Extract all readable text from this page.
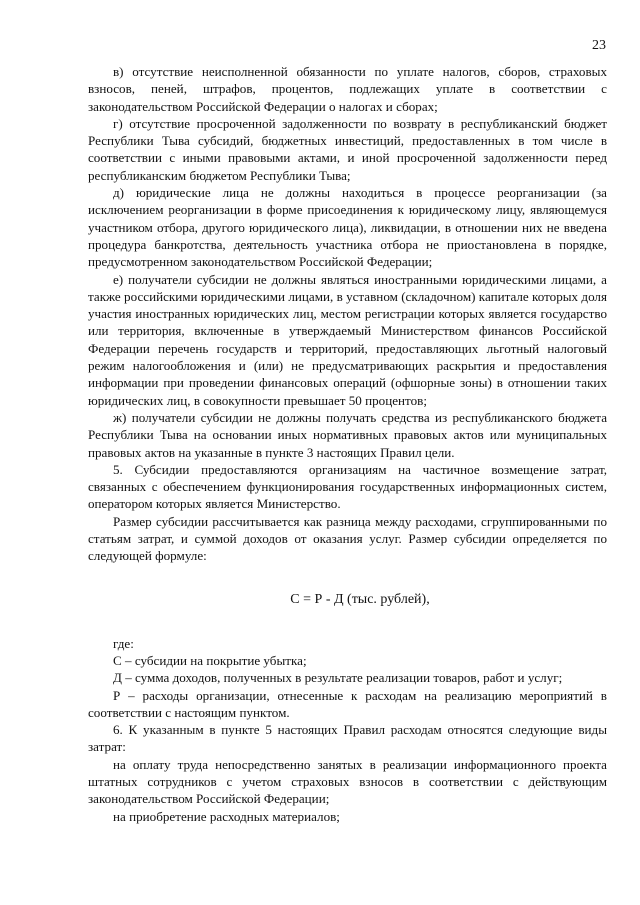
23

в) отсутствие неисполненной обязанности по уплате налогов, сборов, страховых взносов, пеней, штрафов, процентов, подлежащих уплате в соответствии с законодательством Российской Федерации о налогах и сборах;

г) отсутствие просроченной задолженности по возврату в республиканский бюджет Республики Тыва субсидий, бюджетных инвестиций, предоставленных в том числе в соответствии с иными правовыми актами, и иной просроченной задолженности перед республиканским бюджетом Республики Тыва;

д) юридические лица не должны находиться в процессе реорганизации (за исключением реорганизации в форме присоединения к юридическому лицу, являющемуся участником отбора, другого юридического лица), ликвидации, в отношении них не введена процедура банкротства, деятельность участника отбора не приостановлена в порядке, предусмотренном законодательством Российской Федерации;

е) получатели субсидии не должны являться иностранными юридическими лицами, а также российскими юридическими лицами, в уставном (складочном) капитале которых доля участия иностранных юридических лиц, местом регистрации которых является государство или территория, включенные в утверждаемый Министерством финансов Российской Федерации перечень государств и территорий, предоставляющих льготный налоговый режим налогообложения и (или) не предусматривающих раскрытия и предоставления информации при проведении финансовых операций (офшорные зоны) в отношении таких юридических лиц, в совокупности превышает 50 процентов;

ж) получатели субсидии не должны получать средства из республиканского бюджета Республики Тыва на основании иных нормативных правовых актов или муниципальных правовых актов на указанные в пункте 3 настоящих Правил цели.

5. Субсидии предоставляются организациям на частичное возмещение затрат, связанных с обеспечением функционирования государственных информационных систем, оператором которых является Министерство.

Размер субсидии рассчитывается как разница между расходами, сгруппированными по статьям затрат, и суммой доходов от оказания услуг. Размер субсидии определяется по следующей формуле:

С = Р - Д (тыс. рублей),

где:

С – субсидии на покрытие убытка;

Д – сумма доходов, полученных в результате реализации товаров, работ и услуг;

Р – расходы организации, отнесенные к расходам на реализацию мероприятий в соответствии с настоящим пунктом.

6. К указанным в пункте 5 настоящих Правил расходам относятся следующие виды затрат:

на оплату труда непосредственно занятых в реализации информационного проекта штатных сотрудников с учетом страховых взносов в соответствии с действующим законодательством Российской Федерации;

на приобретение расходных материалов;
